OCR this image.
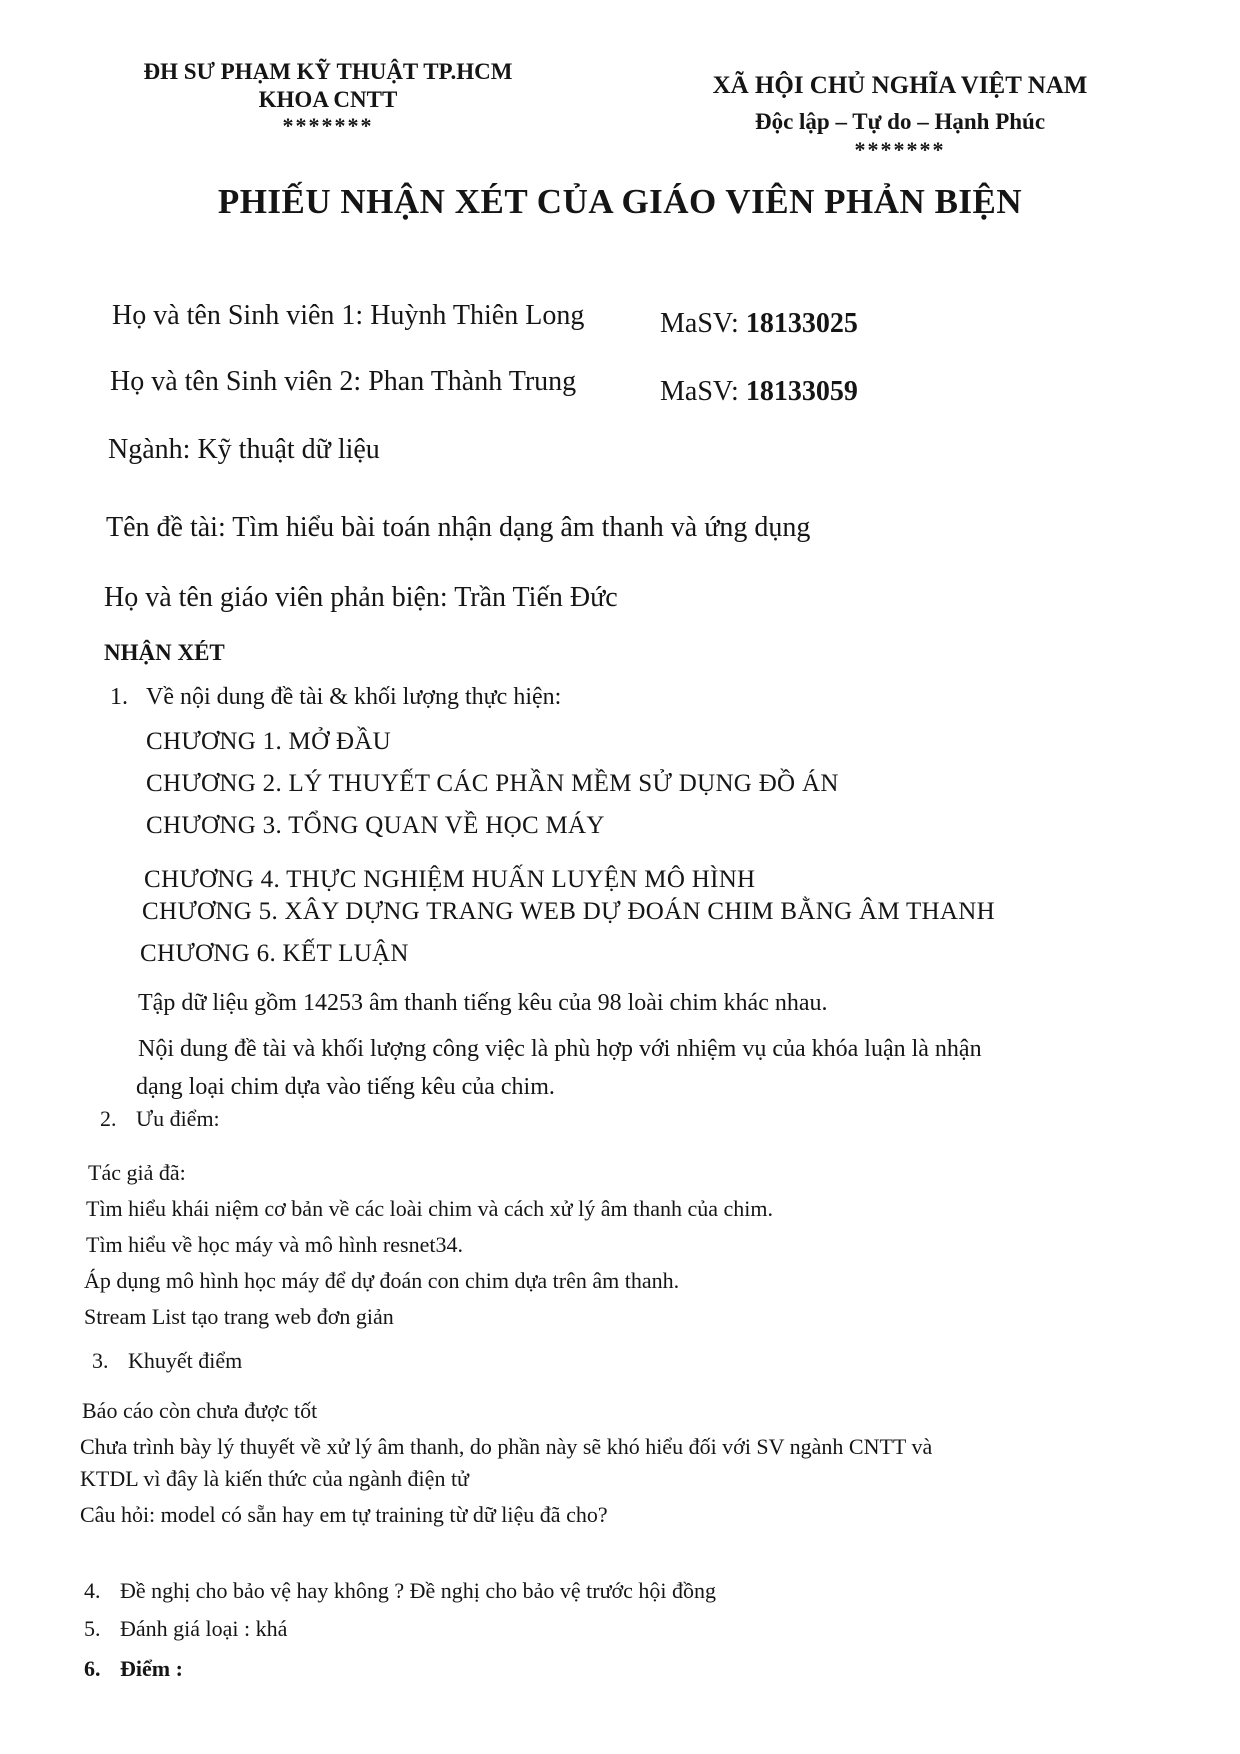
ĐH SƯ PHẠM KỸ THUẬT TP.HCM
KHOA CNTT
*******
XÃ HỘI CHỦ NGHĨA VIỆT NAM
Độc lập – Tự do – Hạnh Phúc
*******
PHIẾU NHẬN XÉT CỦA GIÁO VIÊN PHẢN BIỆN
Họ và tên Sinh viên 1: Huỳnh Thiên Long	MaSV: 18133025
Họ và tên Sinh viên 2: Phan Thành Trung	MaSV: 18133059
Ngành: Kỹ thuật dữ liệu
Tên đề tài: Tìm hiểu bài toán nhận dạng âm thanh và ứng dụng
Họ và tên giáo viên phản biện: Trần Tiến Đức
NHẬN XÉT
1. Về nội dung đề tài & khối lượng thực hiện:
CHƯƠNG 1. MỞ ĐẦU
CHƯƠNG 2. LÝ THUYẾT CÁC PHẦN MỀM SỬ DỤNG ĐỒ ÁN
CHƯƠNG 3. TỔNG QUAN VỀ HỌC MÁY
CHƯƠNG 4. THỰC NGHIỆM HUẤN LUYỆN MÔ HÌNH
CHƯƠNG 5. XÂY DỰNG TRANG WEB DỰ ĐOÁN CHIM BẰNG ÂM THANH
CHƯƠNG 6. KẾT LUẬN
Tập dữ liệu gồm 14253 âm thanh tiếng kêu của 98 loài chim khác nhau.
Nội dung đề tài và khối lượng công việc là phù hợp với nhiệm vụ của khóa luận là nhận
dạng loại chim dựa vào tiếng kêu của chim.
2. Ưu điểm:
Tác giả đã:
Tìm hiểu khái niệm cơ bản về các loài chim và cách xử lý âm thanh của chim.
Tìm hiểu về học máy và mô hình resnet34.
Áp dụng mô hình học máy để dự đoán con chim dựa trên âm thanh.
Stream List tạo trang web đơn giản
3. Khuyết điểm
Báo cáo còn chưa được tốt
Chưa trình bày lý thuyết về xử lý âm thanh, do phần này sẽ khó hiểu đối với SV ngành CNTT và
KTDL vì đây là kiến thức của ngành điện tử
Câu hỏi: model có sẵn hay em tự training từ dữ liệu đã cho?
4. Đề nghị cho bảo vệ hay không ? Đề nghị cho bảo vệ trước hội đồng
5. Đánh giá loại : khá
6. Điểm :
